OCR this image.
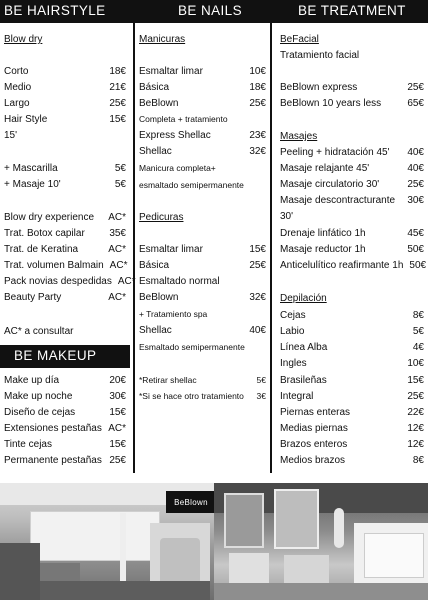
BE HAIRSTYLE	BE NAILS	BE TREATMENT
Blow dry
Corto	18€
Medio	21€
Largo	25€
Hair Style	15€
15'
+ Mascarilla	5€
+ Masaje 10'	5€
Blow dry experience AC*
Trat. Botox capilar 35€
Trat. de Keratina	AC*
Trat. volumen Balmain AC*
Pack novias despedidas AC*
Beauty Party	AC*
AC* a consultar
Make up día	20€
Make up noche	30€
Diseño de cejas	15€
Extensiones pestañas AC*
Tinte cejas	15€
Permanente pestañas 25€
BE MAKEUP
Manicuras
Esmaltar limar	10€
Básica	18€
BeBlown	25€
Completa + tratamiento
Express Shellac	23€
Shellac	32€
Manicura completa+
esmaltado semipermanente
Pedicuras
Esmaltar limar	15€
Básica	25€
Esmaltado normal
BeBlown	32€
+ Tratamiento spa
Shellac	40€
Esmaltado semipermanente
*Retirar shellac	5€
*Si se hace otro tratamiento 3€
BeFacial
Tratamiento facial
BeBlown express	25€
BeBlown 10 years less	65€
Masajes
Peeling + hidratación 45' 40€
Masaje relajante 45'	40€
Masaje circulatorio 30'	25€
Masaje descontracturante 30€
30'
Drenaje linfático 1h	45€
Masaje reductor 1h	50€
Anticelulítico reafirmante 1h 50€
Depilación
Cejas	8€
Labio	5€
Línea Alba	4€
Ingles	10€
Brasileñas	15€
Integral	25€
Piernas enteras	22€
Medias piernas	12€
Brazos enteros	12€
Medios brazos	8€
BeBlown
